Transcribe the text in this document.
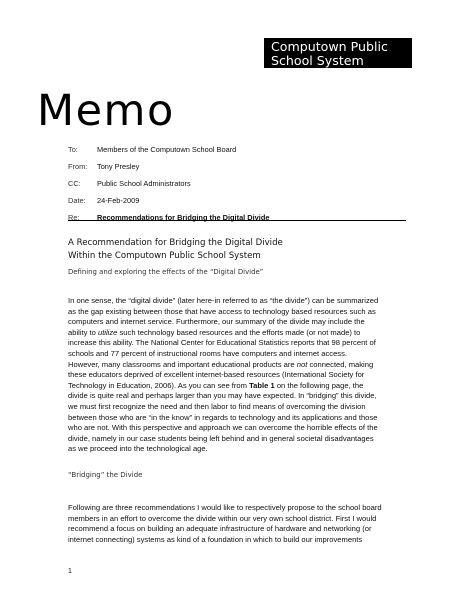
Computown Public
School System
Memo
To:	Members of the Computown School Board
From:	Tony Presley
CC:	Public School Administrators
Date:	24-Feb-2009
Re:	Recommendations for Bridging the Digital Divide
A Recommendation for Bridging the Digital Divide
Within the Computown Public School System
Defining and exploring the effects of the “Digital Divide”
In one sense, the “digital divide” (later here-in referred to as “the divide”) can be summarized
as the gap existing between those that have access to technology based resources such as
computers and internet service. Furthermore, our summary of the divide may include the
ability to utilize such technology based resources and the efforts made (or not made) to
increase this ability. The National Center for Educational Statistics reports that 98 percent of
schools and 77 percent of instructional rooms have computers and internet access.
However, many classrooms and important educational products are not connected, making
these educators deprived of excellent internet-based resources (International Society for
Technology in Education, 2006). As you can see from Table 1 on the following page, the
divide is quite real and perhaps larger than you may have expected. In “bridging” this divide,
we must first recognize the need and then labor to find means of overcoming the division
between those who are “in the know” in regards to technology and its applications and those
who are not. With this perspective and approach we can overcome the horrible effects of the
divide, namely in our case students being left behind and in general societal disadvantages
as we proceed into the technological age.
“Bridging” the Divide
Following are three recommendations I would like to respectively propose to the school board
members in an effort to overcome the divide within our very own school district. First I would
recommend a focus on building an adequate infrastructure of hardware and networking (or
internet connecting) systems as kind of a foundation in which to build our improvements
1
